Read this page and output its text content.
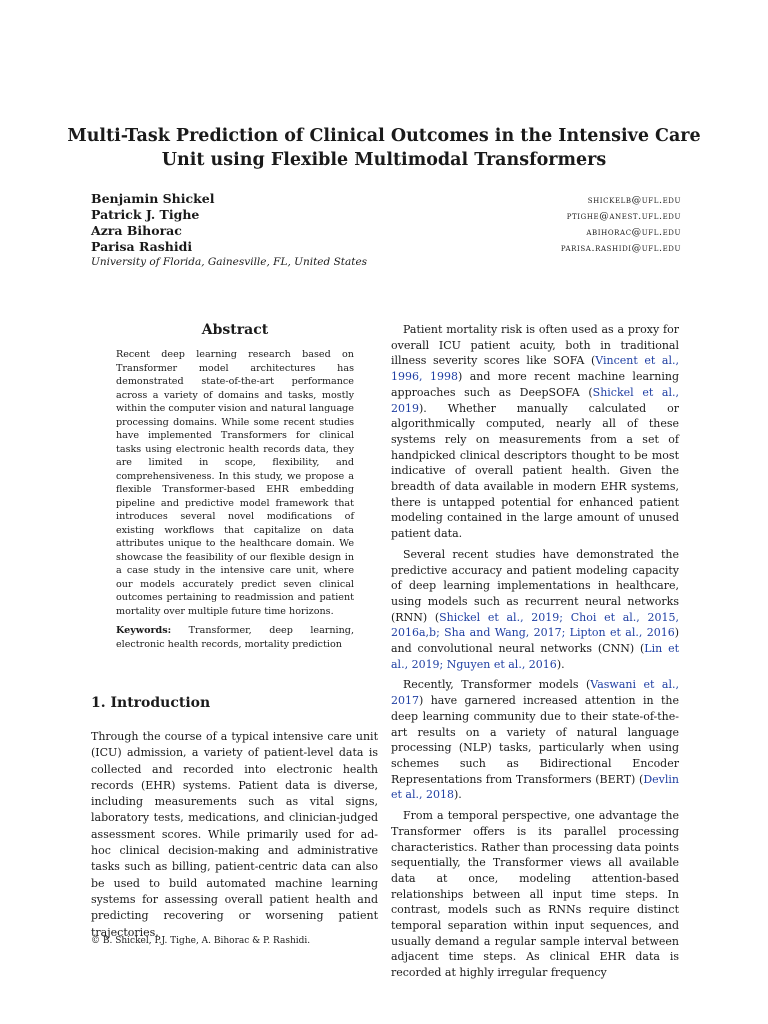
Multi-Task Prediction of Clinical Outcomes in the Intensive Care Unit using Flexible Multimodal Transformers
Benjamin Shickel	shickelb@ufl.edu
Patrick J. Tighe	ptighe@anest.ufl.edu
Azra Bihorac	abihorac@ufl.edu
Parisa Rashidi	parisa.rashidi@ufl.edu
University of Florida, Gainesville, FL, United States
Abstract

Recent deep learning research based on Transformer model architectures has demonstrated state-of-the-art performance across a variety of domains and tasks, mostly within the computer vision and natural language processing domains. While some recent studies have implemented Transformers for clinical tasks using electronic health records data, they are limited in scope, flexibility, and comprehensiveness. In this study, we propose a flexible Transformer-based EHR embedding pipeline and predictive model framework that introduces several novel modifications of existing workflows that capitalize on data attributes unique to the healthcare domain. We showcase the feasibility of our flexible design in a case study in the intensive care unit, where our models accurately predict seven clinical outcomes pertaining to readmission and patient mortality over multiple future time horizons.

Keywords: Transformer, deep learning, electronic health records, mortality prediction

1. Introduction

Through the course of a typical intensive care unit (ICU) admission, a variety of patient-level data is collected and recorded into electronic health records (EHR) systems. Patient data is diverse, including measurements such as vital signs, laboratory tests, medications, and clinician-judged assessment scores. While primarily used for ad-hoc clinical decision-making and administrative tasks such as billing, patient-centric data can also be used to build automated machine learning systems for assessing overall patient health and predicting recovering or worsening patient trajectories.

Patient mortality risk is often used as a proxy for overall ICU patient acuity, both in traditional illness severity scores like SOFA (Vincent et al., 1996, 1998) and more recent machine learning approaches such as DeepSOFA (Shickel et al., 2019). Whether manually calculated or algorithmically computed, nearly all of these systems rely on measurements from a set of handpicked clinical descriptors thought to be most indicative of overall patient health. Given the breadth of data available in modern EHR systems, there is untapped potential for enhanced patient modeling contained in the large amount of unused patient data.

Several recent studies have demonstrated the predictive accuracy and patient modeling capacity of deep learning implementations in healthcare, using models such as recurrent neural networks (RNN) (Shickel et al., 2019; Choi et al., 2015, 2016a,b; Sha and Wang, 2017; Lipton et al., 2016) and convolutional neural networks (CNN) (Lin et al., 2019; Nguyen et al., 2016).

Recently, Transformer models (Vaswani et al., 2017) have garnered increased attention in the deep learning community due to their state-of-the-art results on a variety of natural language processing (NLP) tasks, particularly when using schemes such as Bidirectional Encoder Representations from Transformers (BERT) (Devlin et al., 2018).

From a temporal perspective, one advantage the Transformer offers is its parallel processing characteristics. Rather than processing data points sequentially, the Transformer views all available data at once, modeling attention-based relationships between all input time steps. In contrast, models such as RNNs require distinct temporal separation within input sequences, and usually demand a regular sample interval between adjacent time steps. As clinical EHR data is recorded at highly irregular frequency

© B. Shickel, P.J. Tighe, A. Bihorac & P. Rashidi.
